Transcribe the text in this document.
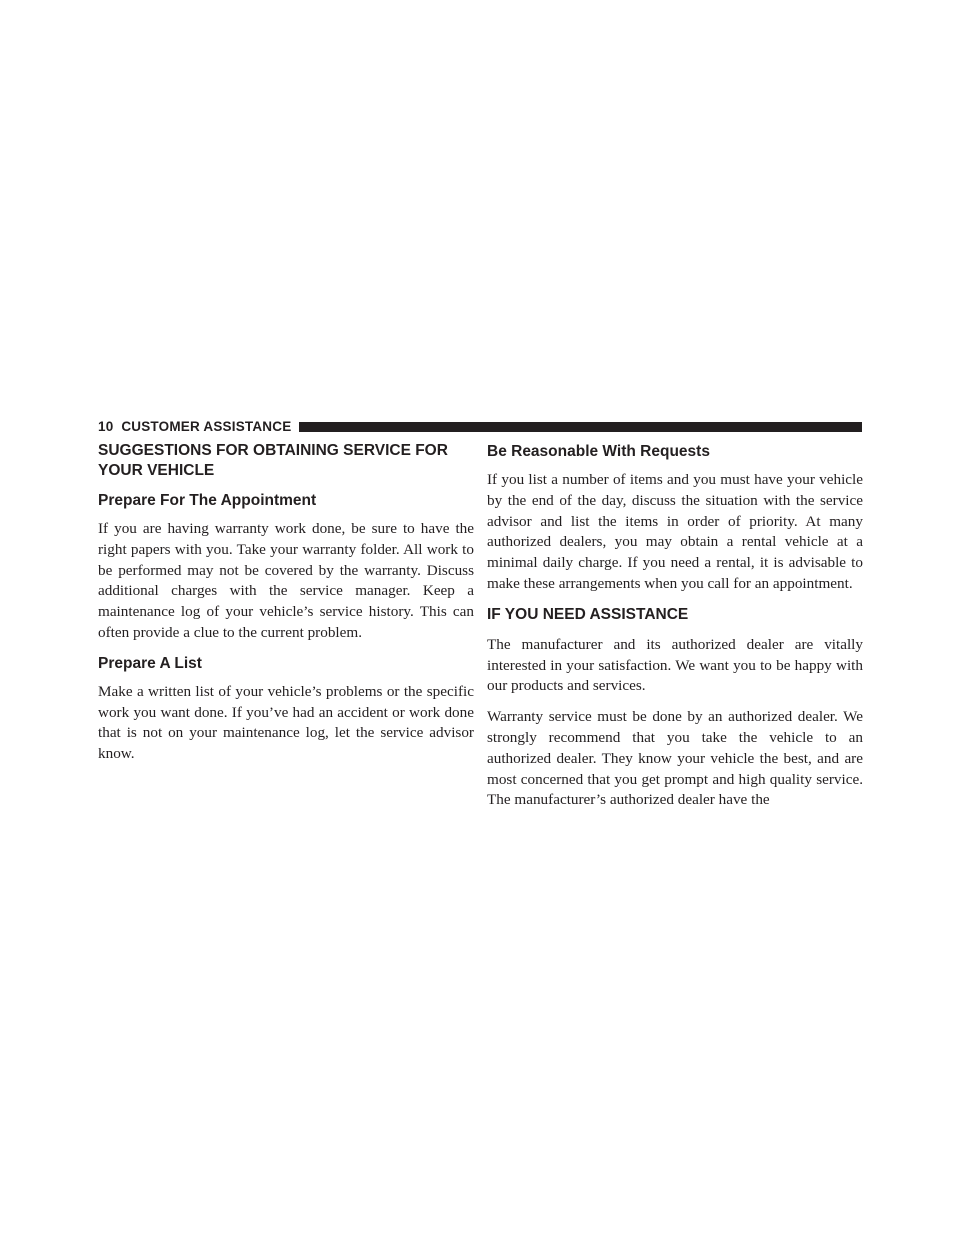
10 CUSTOMER ASSISTANCE
SUGGESTIONS FOR OBTAINING SERVICE FOR YOUR VEHICLE
Prepare For The Appointment

If you are having warranty work done, be sure to have the right papers with you. Take your warranty folder. All work to be performed may not be covered by the warranty. Discuss additional charges with the service manager. Keep a maintenance log of your vehicle’s service history. This can often provide a clue to the current problem.

Prepare A List

Make a written list of your vehicle’s problems or the specific work you want done. If you’ve had an accident or work done that is not on your maintenance log, let the service advisor know.

Be Reasonable With Requests

If you list a number of items and you must have your vehicle by the end of the day, discuss the situation with the service advisor and list the items in order of priority. At many authorized dealers, you may obtain a rental vehicle at a minimal daily charge. If you need a rental, it is advisable to make these arrangements when you call for an appointment.

IF YOU NEED ASSISTANCE

The manufacturer and its authorized dealer are vitally interested in your satisfaction. We want you to be happy with our products and services.

Warranty service must be done by an authorized dealer. We strongly recommend that you take the vehicle to an authorized dealer. They know your vehicle the best, and are most concerned that you get prompt and high quality service. The manufacturer’s authorized dealer have the
